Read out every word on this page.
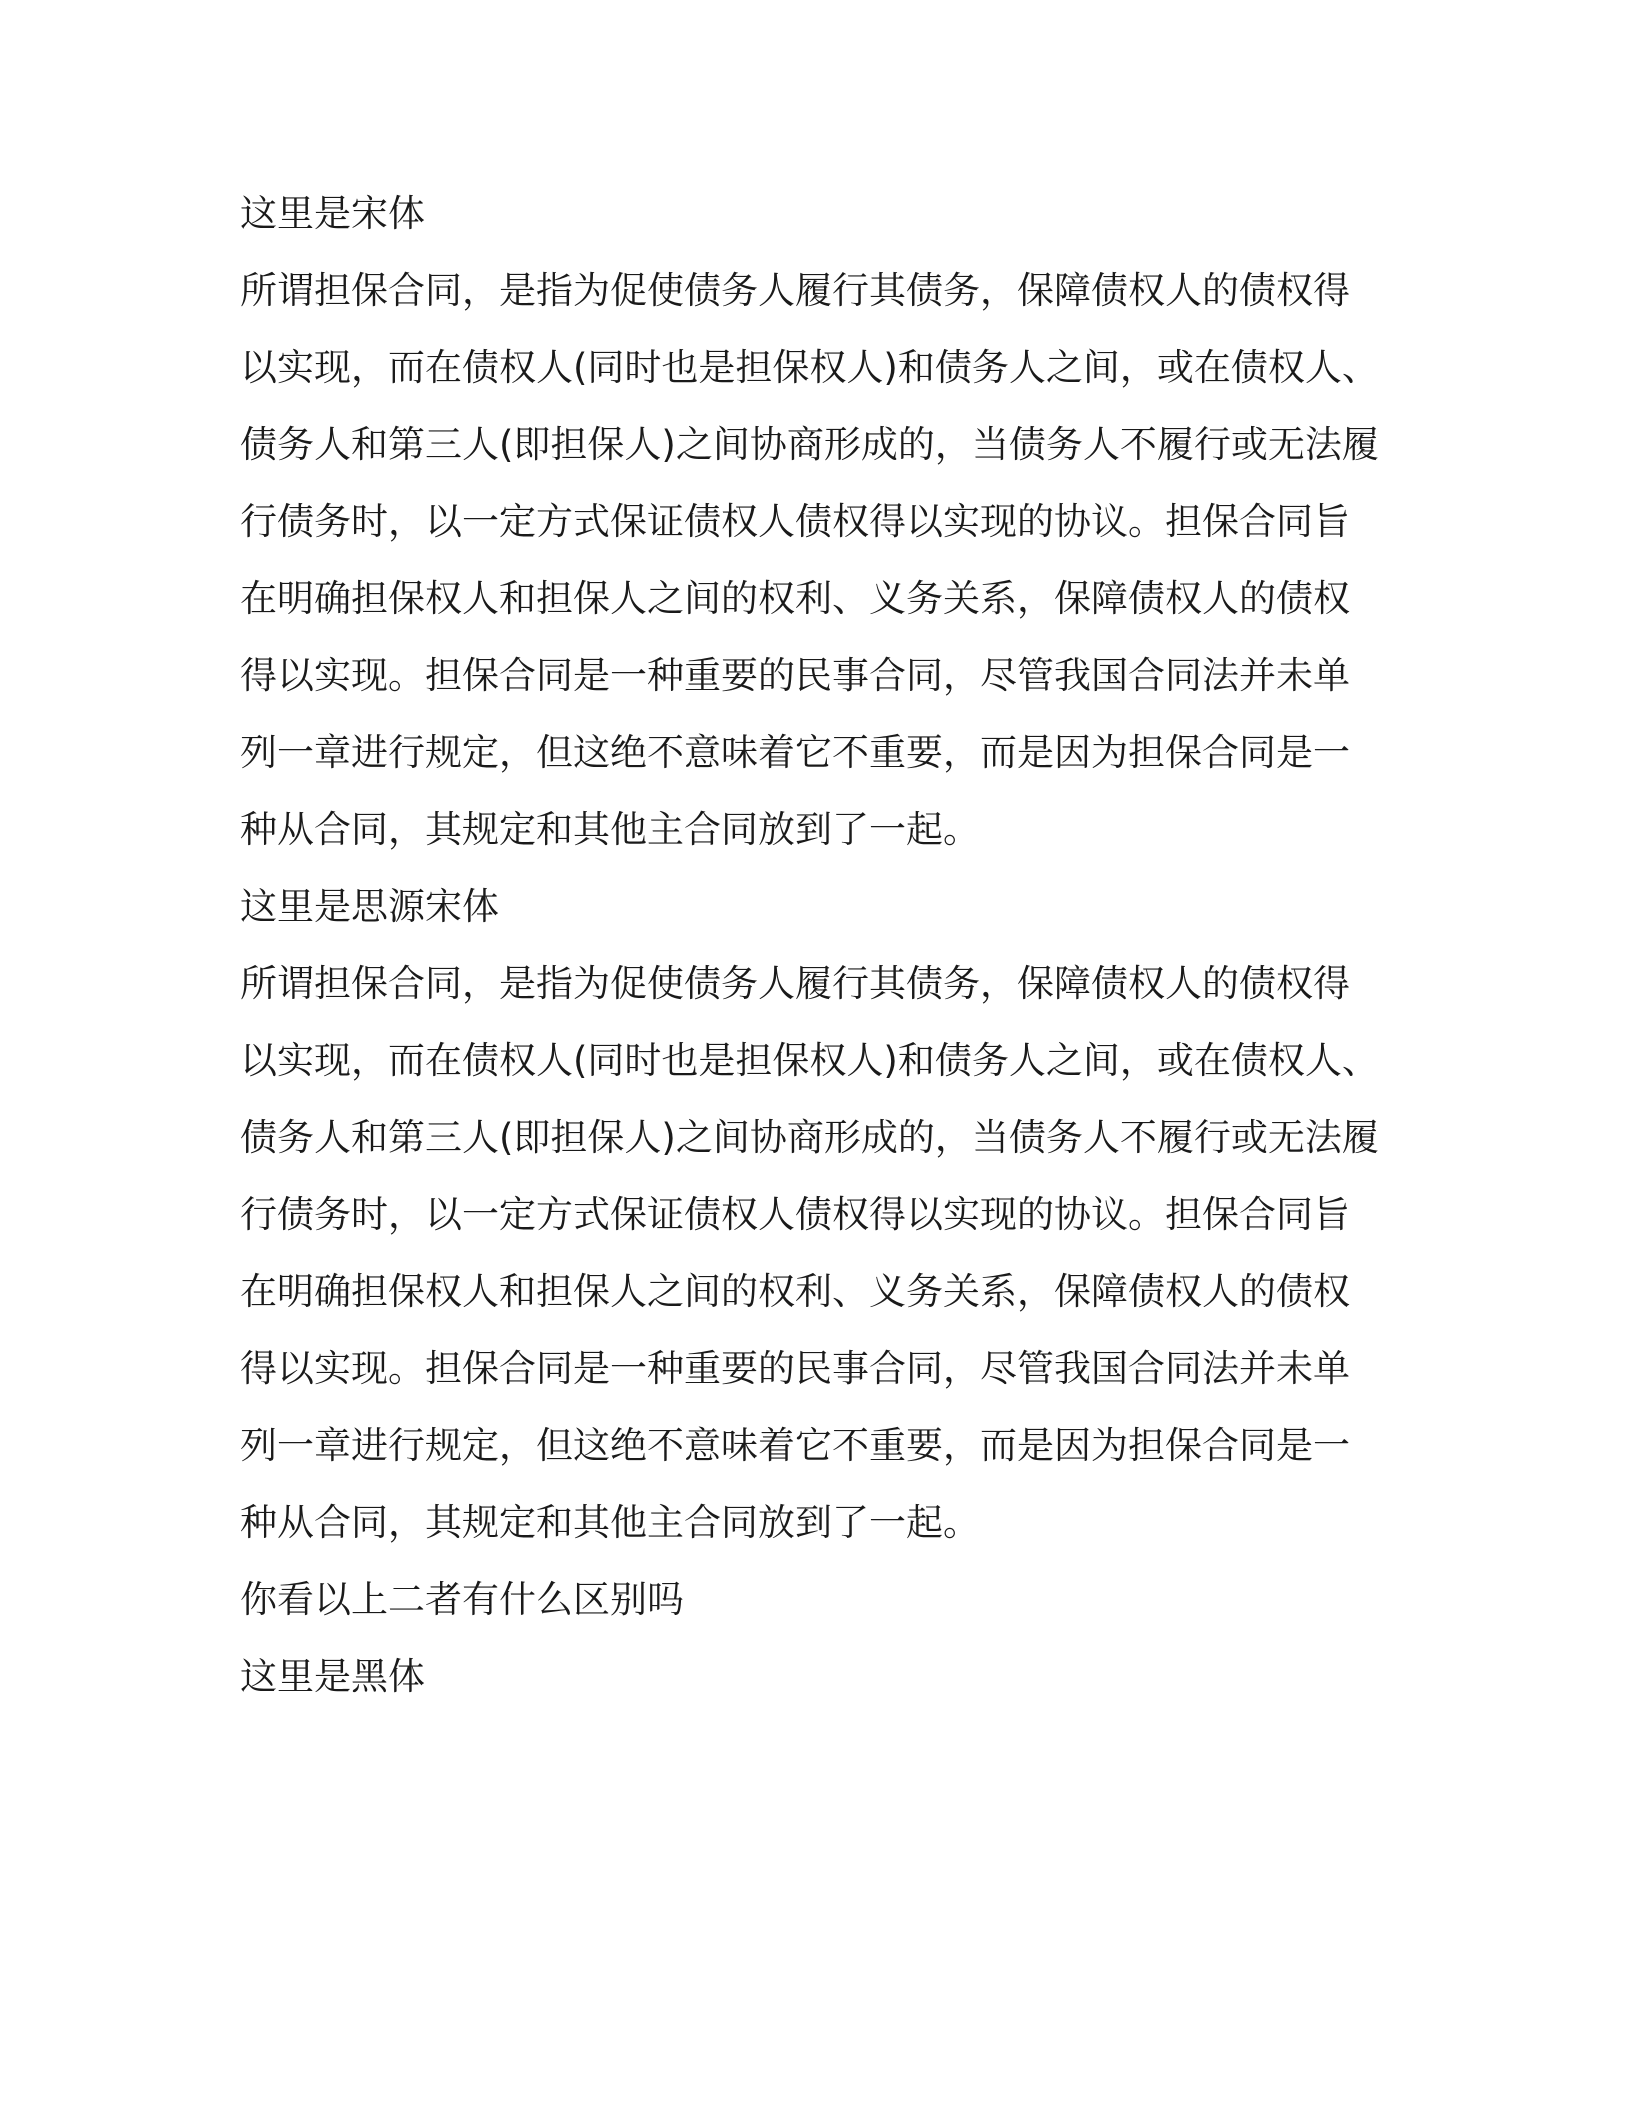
这里是宋体

所谓担保合同，是指为促使债务人履行其债务，保障债权人的债权得

以实现，而在债权人(同时也是担保权人)和债务人之间，或在债权人、

债务人和第三人(即担保人)之间协商形成的，当债务人不履行或无法履

行债务时，以一定方式保证债权人债权得以实现的协议。担保合同旨

在明确担保权人和担保人之间的权利、义务关系，保障债权人的债权

得以实现。担保合同是一种重要的民事合同，尽管我国合同法并未单

列一章进行规定，但这绝不意味着它不重要，而是因为担保合同是一

种从合同，其规定和其他主合同放到了一起。

这里是思源宋体

所谓担保合同，是指为促使债务人履行其债务，保障债权人的债权得

以实现，而在债权人(同时也是担保权人)和债务人之间，或在债权人、

债务人和第三人(即担保人)之间协商形成的，当债务人不履行或无法履

行债务时，以一定方式保证债权人债权得以实现的协议。担保合同旨

在明确担保权人和担保人之间的权利、义务关系，保障债权人的债权

得以实现。担保合同是一种重要的民事合同，尽管我国合同法并未单

列一章进行规定，但这绝不意味着它不重要，而是因为担保合同是一

种从合同，其规定和其他主合同放到了一起。

你看以上二者有什么区别吗

这里是黑体
